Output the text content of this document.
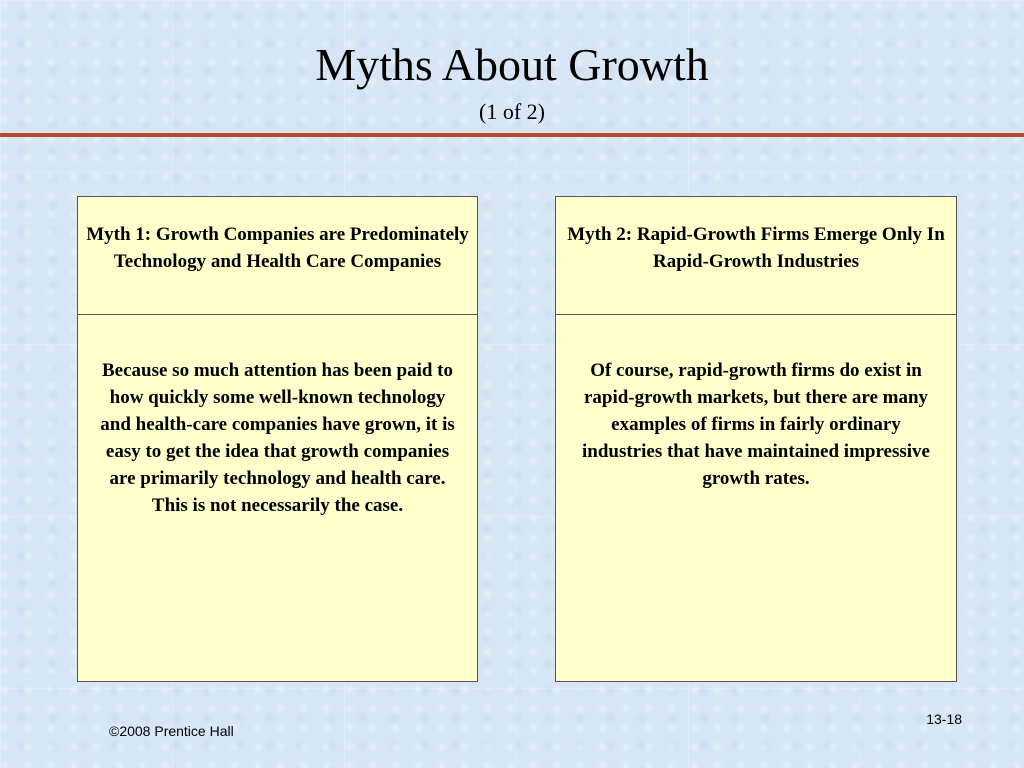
Myths About Growth
(1 of 2)
Myth 1: Growth Companies are Predominately Technology and Health Care Companies
Because so much attention has been paid to how quickly some well-known technology and health-care companies have grown, it is easy to get the idea that growth companies are primarily technology and health care. This is not necessarily the case.
Myth 2: Rapid-Growth Firms Emerge Only In Rapid-Growth Industries
Of course, rapid-growth firms do exist in rapid-growth markets, but there are many examples of firms in fairly ordinary industries that have maintained impressive growth rates.
©2008 Prentice Hall
13-18
